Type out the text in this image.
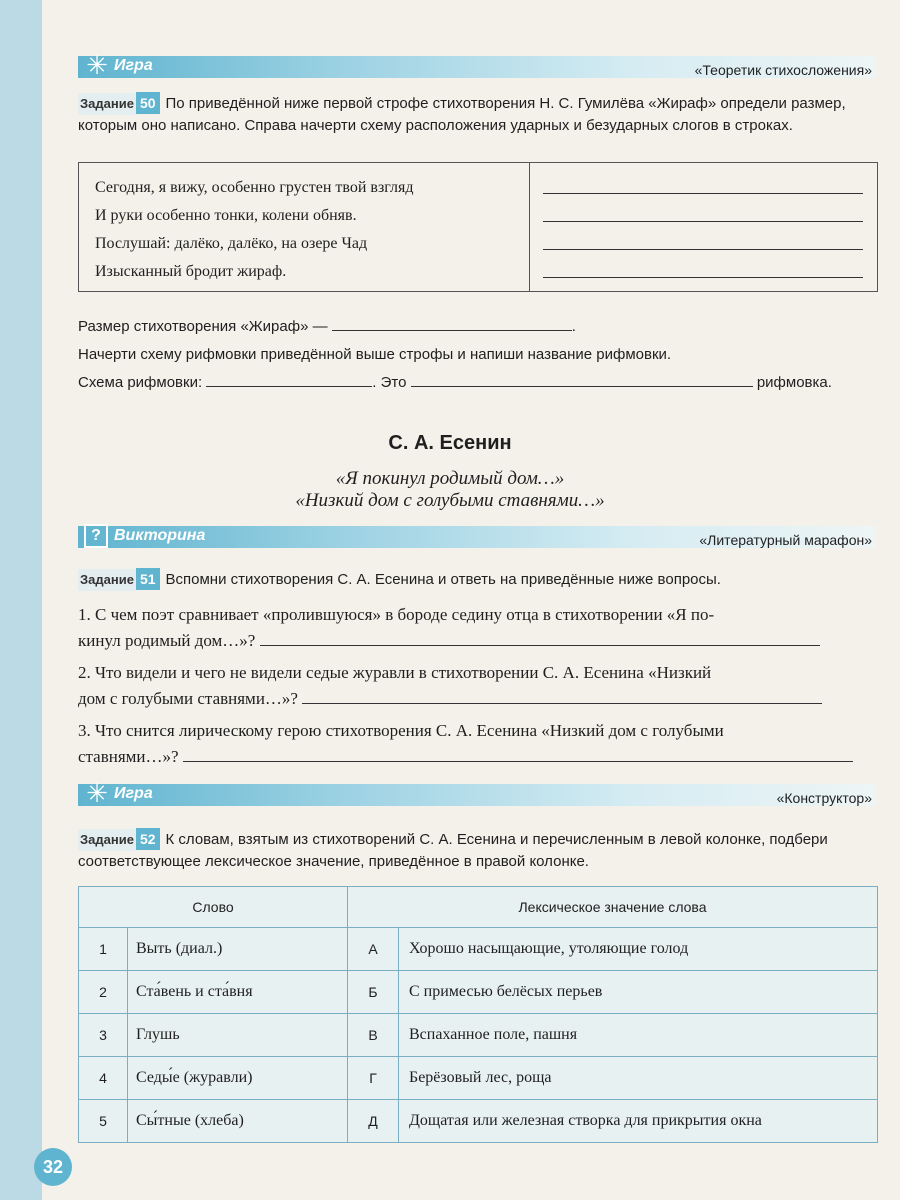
✳ Игра	«Теоретик стихосложения»
Задание 50 По приведённой ниже первой строфе стихотворения Н. С. Гумилёва «Жираф» определи размер, которым оно написано. Справа начерти схему расположения ударных и безударных слогов в строках.
Сегодня, я вижу, особенно грустен твой взгляд
И руки особенно тонки, колени обняв.
Послушай: далёко, далёко, на озере Чад
Изысканный бродит жираф.
Размер стихотворения «Жираф» —	.
Начерти схему рифмовки приведённой выше строфы и напиши название рифмовки.
Схема рифмовки:	. Это	рифмовка.
С. А. Есенин
«Я покинул родимый дом…»
«Низкий дом с голубыми ставнями…»
? Викторина	«Литературный марафон»
Задание 51 Вспомни стихотворения С. А. Есенина и ответь на приведённые ниже вопросы.
1. С чем поэт сравнивает «пролившуюся» в бороде седину отца в стихотворении «Я по-
кинул родимый дом…»?
2. Что видели и чего не видели седые журавли в стихотворении С. А. Есенина «Низкий
дом с голубыми ставнями…»?
3. Что снится лирическому герою стихотворения С. А. Есенина «Низкий дом с голубыми
ставнями…»?
✳ Игра	«Конструктор»
Задание 52 К словам, взятым из стихотворений С. А. Есенина и перечисленным в левой колонке, подбери соответствующее лексическое значение, приведённое в правой колонке.
Слово		Лексическое значение слова	
1	Выть (диал.)	А	Хорошо насыщающие, утоляющие голод
2	Ста́вень и ста́вня	Б	С примесью белёсых перьев
3	Глушь	В	Вспаханное поле, пашня
4	Седы́е (журавли)	Г	Берёзовый лес, роща
5	Сы́тные (хлеба)	Д	Дощатая или железная створка для прикрытия окна
32
